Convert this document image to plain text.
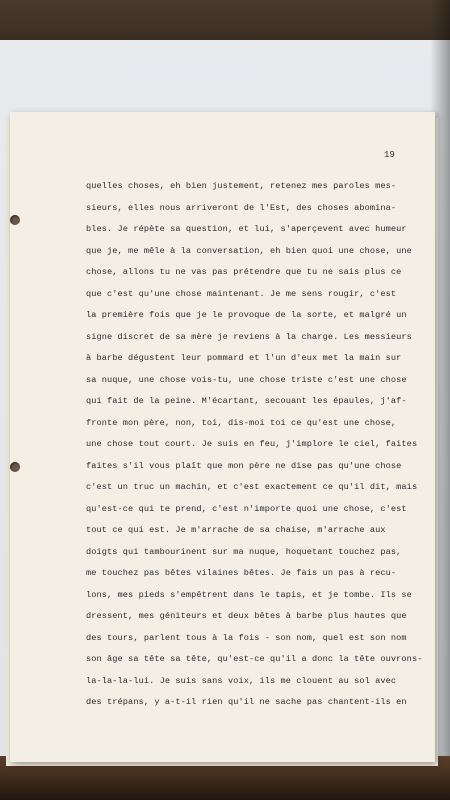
19
quelles choses, eh bien justement, retenez mes paroles mes-
sieurs, elles nous arriveront de l'Est, des choses abomina-
bles. Je répète sa question, et lui, s'aperçevent avec humeur
que je, me mêle à la conversation, eh bien quoi une chose, une
chose, allons tu ne vas pas prétendre que tu ne sais plus ce
que c'est qu'une chose maintenant. Je me sens rougir, c'est
la première fois que je le provoque de la sorte, et malgré un
signe discret de sa mère je reviens à la charge. Les messieurs
à barbe dégustent leur pommard et l'un d'eux met la main sur
sa nuque, une chose vois-tu, une chose triste c'est une chose
qui fait de la peine. M'écartant, secouant les épaules, j'af-
fronte mon père, non, toi, dis-moi toi ce qu'est une chose,
une chose tout court. Je suis en feu, j'implore le ciel, faites
faites s'il vous plaît que mon père ne dise pas qu'une chose
c'est un truc un machin, et c'est exactement ce qu'il dit, mais
qu'est-ce qui te prend, c'est n'importe quoi une chose, c'est
tout ce qui est. Je m'arrache de sa chaise, m'arrache aux
doigts qui tambourinent sur ma nuque, hoquetant touchez pas,
me touchez pas bêtes vilaines bêtes. Je fais un pas à recu-
lons, mes pieds s'empêtrent dans le tapis, et je tombe. Ils se
dressent, mes géniteurs et deux bêtes à barbe plus hautes que
des tours, parlent tous à la fois - son nom, quel est son nom
son âge sa tête sa tête, qu'est-ce qu'il a donc la tête ouvrons-
la-la-la-lui. Je suis sans voix, ils me clouent au sol avec
des trépans, y a-t-il rien qu'il ne sache pas chantent-ils en
